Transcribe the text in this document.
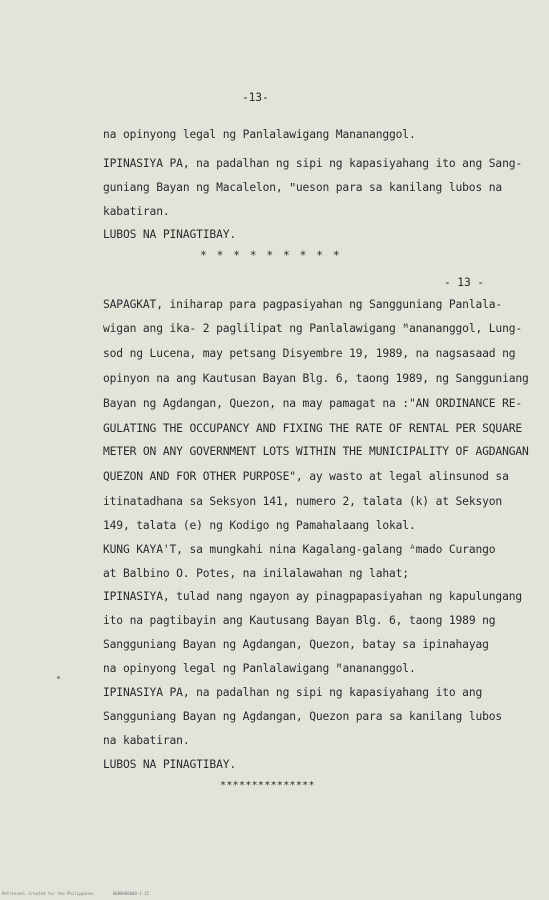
-13-
na opinyong legal ng Panlalawigang Manananggоl.
IPINASIYA PA, na padalhan ng sipi ng kapasiyahang ito ang Sang-
guniang Bayan ng Macalelon, ʺueson para sa kanilang lubos na
kabatiran.
LUBOS NA PINAGTIBAY.
* * * * * * * * *
- 13 -
SAPAGKAT, iniharap para pagpasiyahan ng Sangguniang Panlala-
wigan ang ika- 2 paglilipat ng Panlalawigang ᴹanananggol, Lung-
sod ng Lucena, may petsang Disyembre 19, 1989, na nagsasaad ng
opinyon na ang Kautusan Bayan Blg. 6, taong 1989, ng Sangguniang
Bayan ng Agdangan, Quezon, na may pamagat na :"AN ORDINANCE RE-
GULATING THE OCCUPANCY AND FIXING THE RATE OF RENTAL PER SQUARE
METER ON ANY GOVERNMENT LOTS WITHIN THE MUNICIPALITY OF AGDANGAN
QUEZON AND FOR OTHER PURPOSE", ay wasto at legal alinsunod sa
itinatadhana sa Seksyon 141, numero 2, talata (k) at Seksyon
149, talata (e) ng Kodigo ng Pamahalaang lokal.
KUNG KAYA'T, sa mungkahi nina Kagalang-galang ᴬmado Curango
at Balbino O. Potes, na inilalawahan ng lahat;
IPINASIYA, tulad nang ngayon ay pinagpapasiyahan ng kapulungang
ito na pagtibayin ang Kautusang Bayan Blg. 6, taong 1989 ng
Sangguniang Bayan ng Agdangan, Quezon, batay sa ipinahayag
na opinyong legal ng Panlalawigang ᴹanananggol.
IPINASIYA PA, na padalhan ng sipi ng kapasiyahang ito ang
Sangguniang Bayan ng Agdangan, Quezon para sa kanilang lubos
na kabatiran.
LUBOS NA PINAGTIBAY.
***************
Retrieved: Created for the Philippines        0000000000-1-15
